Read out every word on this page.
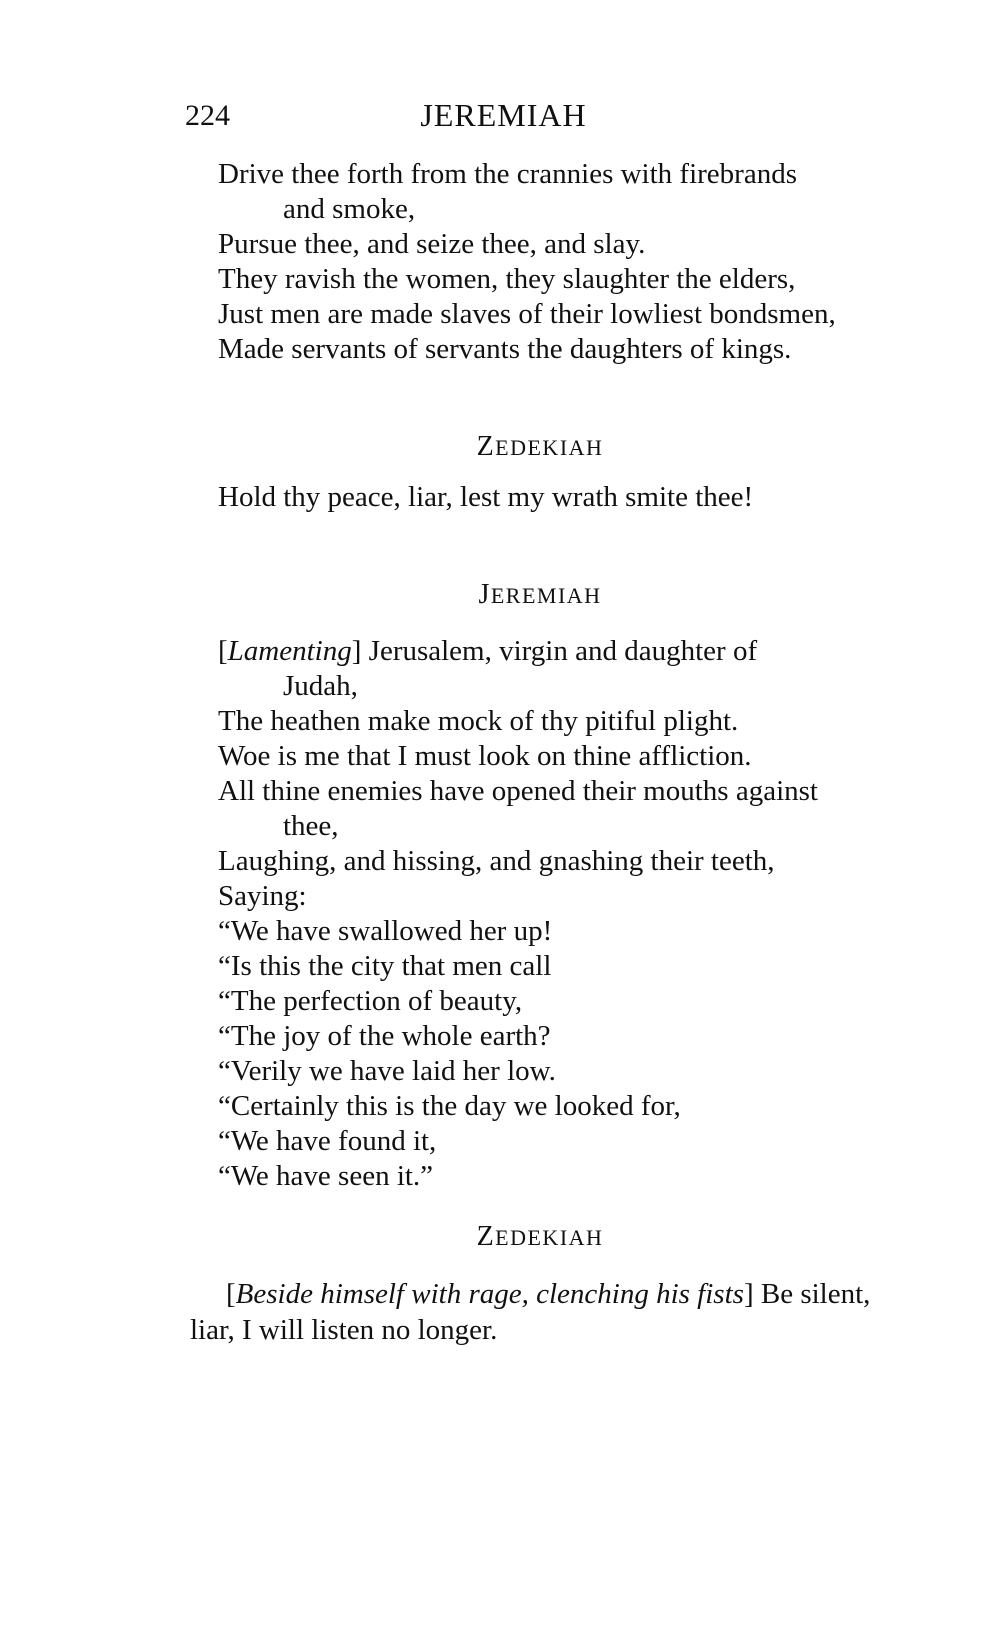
224	JEREMIAH
Drive thee forth from the crannies with firebrands
and smoke,
Pursue thee, and seize thee, and slay.
They ravish the women, they slaughter the elders,
Just men are made slaves of their lowliest bondsmen,
Made servants of servants the daughters of kings.
ZEDEKIAH
Hold thy peace, liar, lest my wrath smite thee!
JEREMIAH
[Lamenting] Jerusalem, virgin and daughter of
Judah,
The heathen make mock of thy pitiful plight.
Woe is me that I must look on thine affliction.
All thine enemies have opened their mouths against
thee,
Laughing, and hissing, and gnashing their teeth,
Saying:
“We have swallowed her up!
“Is this the city that men call
“The perfection of beauty,
“The joy of the whole earth?
“Verily we have laid her low.
“Certainly this is the day we looked for,
“We have found it,
“We have seen it.”
ZEDEKIAH
[Beside himself with rage, clenching his fists] Be silent, liar, I will listen no longer.
